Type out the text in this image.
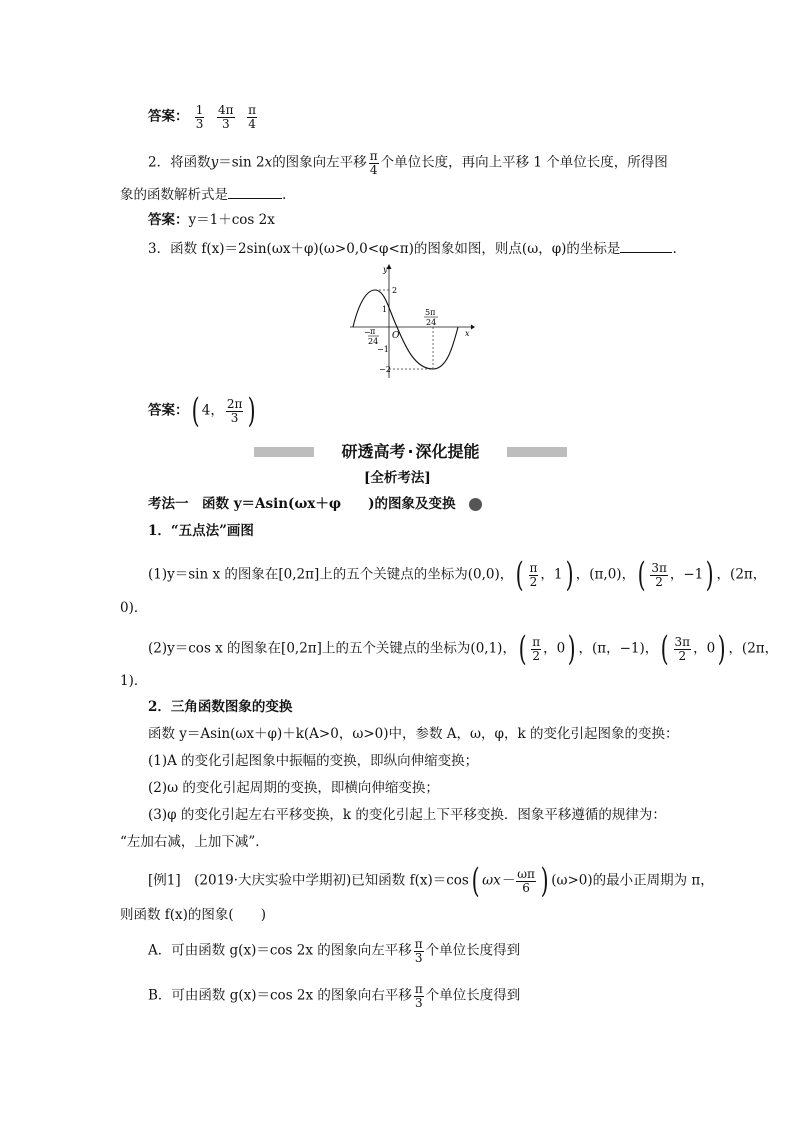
答案： $\frac{1}{3}$
$\frac{4\pi}{3}$
$\frac{\pi}{4}$
2．将函数y＝sin 2x的图象向左平移 $\frac{\pi}{4}$ 个单位长度，再向上平移 1 个单位长度，所得图
象的函数解析式是	.
答案：y＝1＋cos 2x
3．函数 f(x)＝2sin(ωx＋φ)(ω>0,0<φ<π)的图象如图，则点(ω，φ)的坐标是	.
y
x
O
2
1
−1
−2
− π
24
5π
24
答案：( 4， $\frac{2\pi}{3}$ )
研透高考 · 深化提能
[全析考法]
考法一　函数 y＝Asin(ωx＋φ　　)的图象及变换
1．“五点法”画图
(1)y＝sin x 的图象在[0,2π]上的五个关键点的坐标为(0,0)，( $\frac{\pi}{2}$ ，1) ，(π,0)，( $\frac{3\pi}{2}$ ，−1) ，(2π，
0)．
(2)y＝cos x 的图象在[0,2π]上的五个关键点的坐标为(0,1)，( $\frac{\pi}{2}$ ，0) ，(π，−1)，( $\frac{3\pi}{2}$ ，0) ，(2π，
1)．
2．三角函数图象的变换
函数 y＝Asin(ωx＋φ)＋k(A>0，ω>0)中，参数 A，ω，φ，k 的变化引起图象的变换：
(1)A 的变化引起图象中振幅的变换，即纵向伸缩变换；
(2)ω 的变化引起周期的变换，即横向伸缩变换；
(3)φ 的变化引起左右平移变换，k 的变化引起上下平移变换．图象平移遵循的规律为：
“左加右减，上加下减”．
[例1]　(2019·大庆实验中学期初)已知函数 f(x)＝cos( $\omega x- \frac{\omega\pi}{6}$ ) (ω>0)的最小正周期为 π，
则函数 f(x)的图象(　　)
A．可由函数 g(x)＝cos 2x 的图象向左平移 $\frac{\pi}{3}$ 个单位长度得到
B．可由函数 g(x)＝cos 2x 的图象向右平移 $\frac{\pi}{3}$ 个单位长度得到
